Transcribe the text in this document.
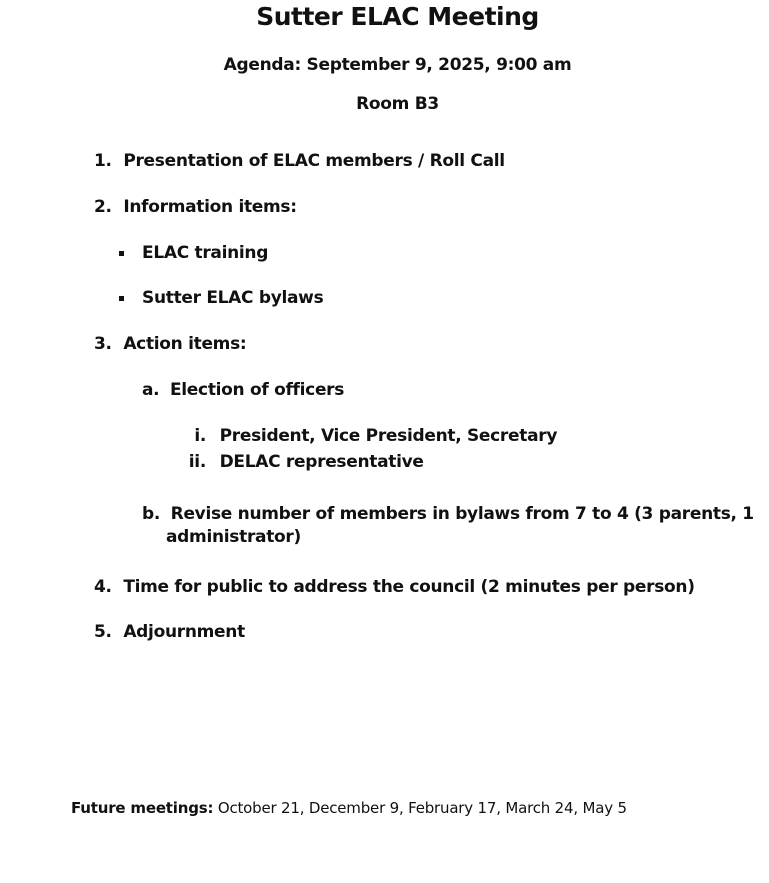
Sutter ELAC Meeting

Agenda: September 9, 2025, 9:00 am

Room B3

1. Presentation of ELAC members / Roll Call

2. Information items:

ELAC training

Sutter ELAC bylaws

3. Action items:

a. Election of officers

i. President, Vice President, Secretary

ii. DELAC representative

b. Revise number of members in bylaws from 7 to 4 (3 parents, 1

administrator)

4. Time for public to address the council (2 minutes per person)

5. Adjournment

Future meetings: October 21, December 9, February 17, March 24, May 5
